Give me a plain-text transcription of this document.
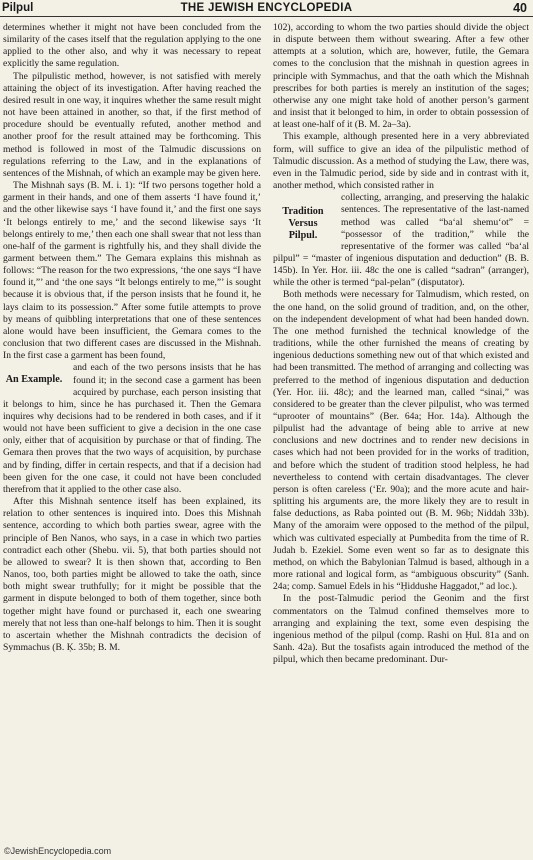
THE JEWISH ENCYCLOPEDIA
Pilpul	40

determines whether it might not have been concluded from the similarity of the cases itself that the regulation applying to the one applied to the other also, and why it was necessary to repeat explicitly the same regulation.

The pilpulistic method, however, is not satisfied with merely attaining the object of its investigation. After having reached the desired result in one way, it inquires whether the same result might not have been attained in another, so that, if the first method of procedure should be eventually refuted, another method and another proof for the result attained may be forthcoming. This method is followed in most of the Talmudic discussions on regulations referring to the Law, and in the explanations of sentences of the Mishnah, of which an example may be given here.

The Mishnah says (B. M. i. 1): “If two persons together hold a garment in their hands, and one of them asserts ‘I have found it,’ and the other likewise says ‘I have found it,’ and the first one says ‘It belongs entirely to me,’ and the second likewise says ‘It belongs entirely to me,’ then each one shall swear that not less than one-half of the garment is rightfully his, and they shall divide the garment between them.” The Gemara explains this mishnah as follows: “The reason for the two expressions, ‘the one says “I have found it,”’ and ‘the one says “It belongs entirely to me,”’ is sought because it is obvious that, if the person insists that he found it, he lays claim to its possession.” After some futile attempts to prove by means of quibbling interpretations that one of these sentences alone would have been insufficient, the Gemara comes to the conclusion that two different cases are discussed in the Mishnah. In the first case a garment has been found,

An Example.

and each of the two persons insists that he has found it; in the second case a garment has been acquired by purchase, each person insisting that it belongs to him, since he has purchased it. Then the Gemara inquires why decisions had to be rendered in both cases, and if it would not have been sufficient to give a decision in the one case only, either that of acquisition by purchase or that of finding. The Gemara then proves that the two ways of acquisition, by purchase and by finding, differ in certain respects, and that if a decision had been given for the one case, it could not have been concluded therefrom that it applied to the other case also.

After this Mishnah sentence itself has been explained, its relation to other sentences is inquired into. Does this Mishnah sentence, according to which both parties swear, agree with the principle of Ben Nanos, who says, in a case in which two parties contradict each other (Shebu. vii. 5), that both parties should not be allowed to swear? It is then shown that, according to Ben Nanos, too, both parties might be allowed to take the oath, since both might swear truthfully; for it might be possible that the garment in dispute belonged to both of them together, since both together might have found or purchased it, each one swearing merely that not less than one-half belongs to him. Then it is sought to ascertain whether the Mishnah contradicts the decision of Symmachus (B. Ḳ. 35b; B. M.

102), according to whom the two parties should divide the object in dispute between them without swearing. After a few other attempts at a solution, which are, however, futile, the Gemara comes to the conclusion that the mishnah in question agrees in principle with Symmachus, and that the oath which the Mishnah prescribes for both parties is merely an institution of the sages; otherwise any one might take hold of another person’s garment and insist that it belonged to him, in order to obtain possession of at least one-half of it (B. M. 2a–3a).

This example, although presented here in a very abbreviated form, will suffice to give an idea of the pilpulistic method of Talmudic discussion. As a method of studying the Law, there was, even in the Talmudic period, side by side and in contrast with it, another method, which consisted rather in

Tradition Versus Pilpul.

collecting, arranging, and preserving the halakic sentences. The representative of the last-named method was called “ba‘al shemu‘ot” = “possessor of the tradition,” while the representative of the former was called “ba‘al pilpul” = “master of ingenious disputation and deduction” (B. B. 145b). In Yer. Hor. iii. 48c the one is called “sadran” (arranger), while the other is termed “pal-pelan” (disputator).

Both methods were necessary for Talmudism, which rested, on the one hand, on the solid ground of tradition, and, on the other, on the independent development of what had been handed down. The one method furnished the technical knowledge of the traditions, while the other furnished the means of creating by ingenious deductions something new out of that which existed and had been transmitted. The method of arranging and collecting was preferred to the method of ingenious disputation and deduction (Yer. Hor. iii. 48c); and the learned man, called “sinai,” was considered to be greater than the clever pilpulist, who was termed “uprooter of mountains” (Ber. 64a; Hor. 14a). Although the pilpulist had the advantage of being able to arrive at new conclusions and new doctrines and to render new decisions in cases which had not been provided for in the works of tradition, and before which the student of tradition stood helpless, he had nevertheless to contend with certain disadvantages. The clever person is often careless (‘Er. 90a); and the more acute and hair-splitting his arguments are, the more likely they are to result in false deductions, as Raba pointed out (B. M. 96b; Niddah 33b). Many of the amoraim were opposed to the method of the pilpul, which was cultivated especially at Pumbedita from the time of R. Judah b. Ezekiel. Some even went so far as to designate this method, on which the Babylonian Talmud is based, although in a more rational and logical form, as “ambiguous obscurity” (Sanh. 24a; comp. Samuel Edels in his “Ḥiddushe Haggadot,” ad loc.).

In the post-Talmudic period the Geonim and the first commentators on the Talmud confined themselves more to arranging and explaining the text, some even despising the ingenious method of the pilpul (comp. Rashi on Ḥul. 81a and on Sanh. 42a). But the tosafists again introduced the method of the pilpul, which then became predominant. Dur-

©JewishEncyclopedia.com
